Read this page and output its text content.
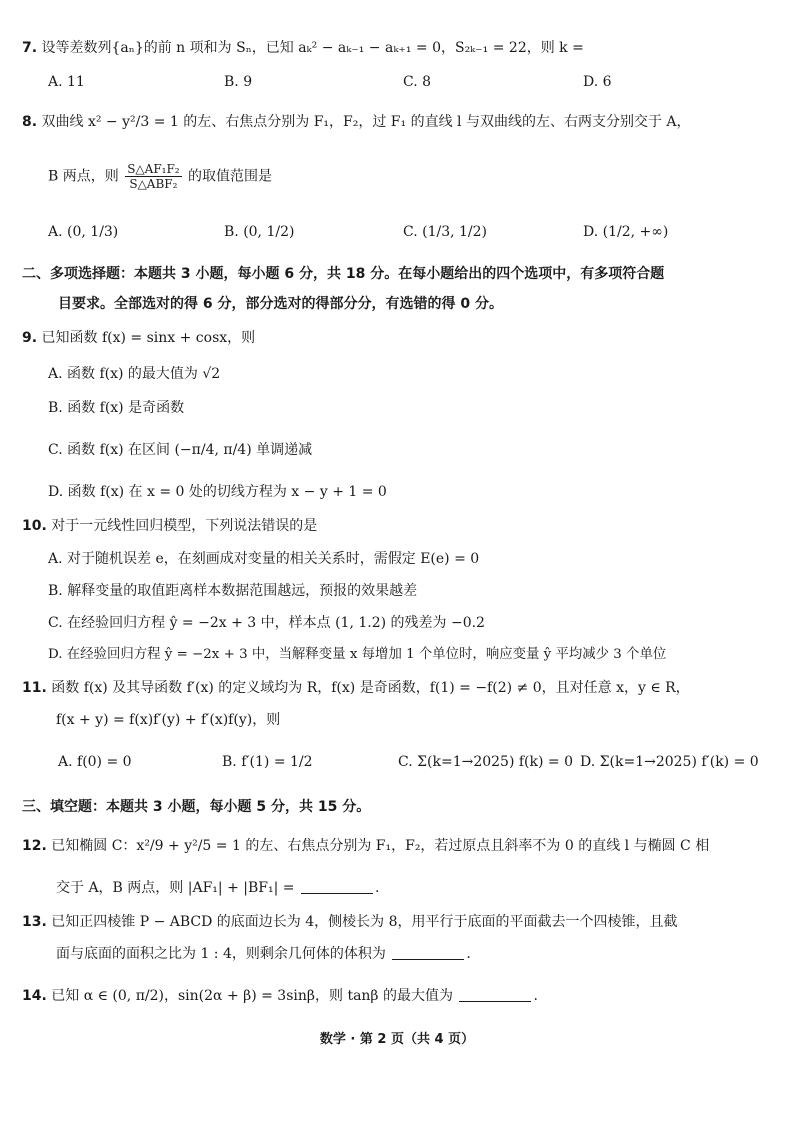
7. 设等差数列{aₙ}的前 n 项和为 Sₙ，已知 aₖ² − aₖ₋₁ − aₖ₊₁ = 0，S₂ₖ₋₁ = 22，则 k =
A. 11	B. 9	C. 8	D. 6
8. 双曲线 x² − y²/3 = 1 的左、右焦点分别为 F₁，F₂，过 F₁ 的直线 l 与双曲线的左、右两支分别交于 A，
B 两点，则 $\frac{\text{S△AF₁F₂}}{\text{S△ABF₂}}$ 的取值范围是
A. (0, 1/3)	B. (0, 1/2)	C. (1/3, 1/2)	D. (1/2, +∞)
二、多项选择题：本题共 3 小题，每小题 6 分，共 18 分。在每小题给出的四个选项中，有多项符合题
目要求。全部选对的得 6 分，部分选对的得部分分，有选错的得 0 分。
9. 已知函数 f(x) = sinx + cosx，则
A. 函数 f(x) 的最大值为 √2
B. 函数 f(x) 是奇函数
C. 函数 f(x) 在区间 (−π/4, π/4) 单调递减
D. 函数 f(x) 在 x = 0 处的切线方程为 x − y + 1 = 0
10. 对于一元线性回归模型，下列说法错误的是
A. 对于随机误差 e，在刻画成对变量的相关关系时，需假定 E(e) = 0
B. 解释变量的取值距离样本数据范围越远，预报的效果越差
C. 在经验回归方程 ŷ = −2x + 3 中，样本点 (1, 1.2) 的残差为 −0.2
D. 在经验回归方程 ŷ = −2x + 3 中，当解释变量 x 每增加 1 个单位时，响应变量 ŷ 平均减少 3 个单位
11. 函数 f(x) 及其导函数 f′(x) 的定义域均为 R，f(x) 是奇函数，f(1) = −f(2) ≠ 0，且对任意 x，y ∈ R，
f(x + y) = f(x)f′(y) + f′(x)f(y)，则
A. f(0) = 0	B. f′(1) = 1/2	C. Σ(k=1→2025) f(k) = 0 D. Σ(k=1→2025) f′(k) = 0
三、填空题：本题共 3 小题，每小题 5 分，共 15 分。
12. 已知椭圆 C：x²/9 + y²/5 = 1 的左、右焦点分别为 F₁，F₂，若过原点且斜率不为 0 的直线 l 与椭圆 C 相
交于 A，B 两点，则 |AF₁| + |BF₁| =	.
13. 已知正四棱锥 P − ABCD 的底面边长为 4，侧棱长为 8，用平行于底面的平面截去一个四棱锥，且截
面与底面的面积之比为 1 : 4，则剩余几何体的体积为	.
14. 已知 α ∈ (0, π/2)，sin(2α + β) = 3sinβ，则 tanβ 的最大值为	.
数学 · 第 2 页（共 4 页）
